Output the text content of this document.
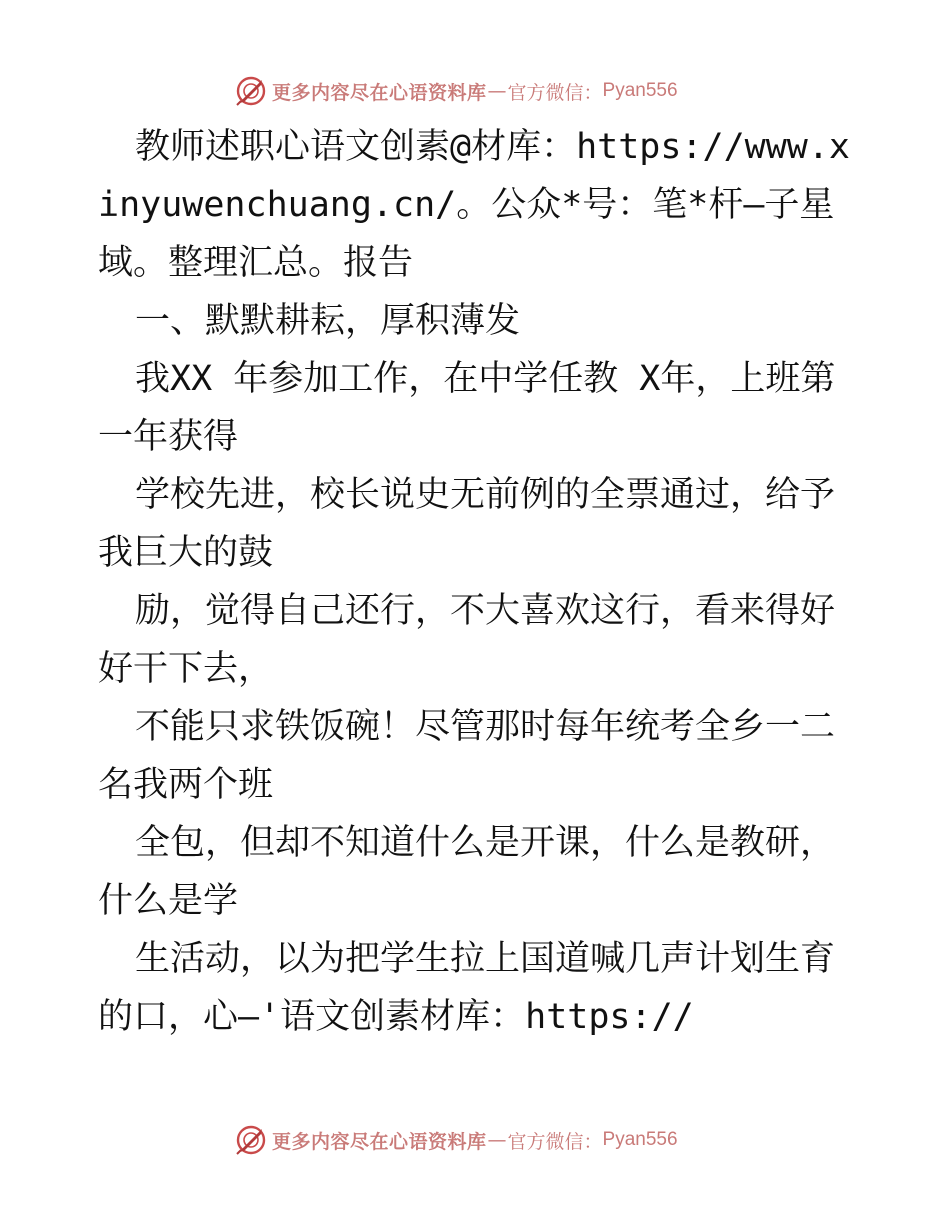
更多内容尽在心语资料库 — 官方微信： Pyan556

教师述职心语文创素@材库：https://www.xinyuwenchuang.cn/。公众*号：笔*杆—子星域。整理汇总。报告

一、默默耕耘，厚积薄发

我XX 年参加工作，在中学任教 X年，上班第一年获得

学校先进，校长说史无前例的全票通过，给予我巨大的鼓

励，觉得自己还行，不大喜欢这行，看来得好好干下去，

不能只求铁饭碗！尽管那时每年统考全乡一二名我两个班

全包，但却不知道什么是开课，什么是教研，什么是学

生活动，以为把学生拉上国道喊几声计划生育的口，心—'语文创素材库：https://

更多内容尽在心语资料库 — 官方微信： Pyan556
